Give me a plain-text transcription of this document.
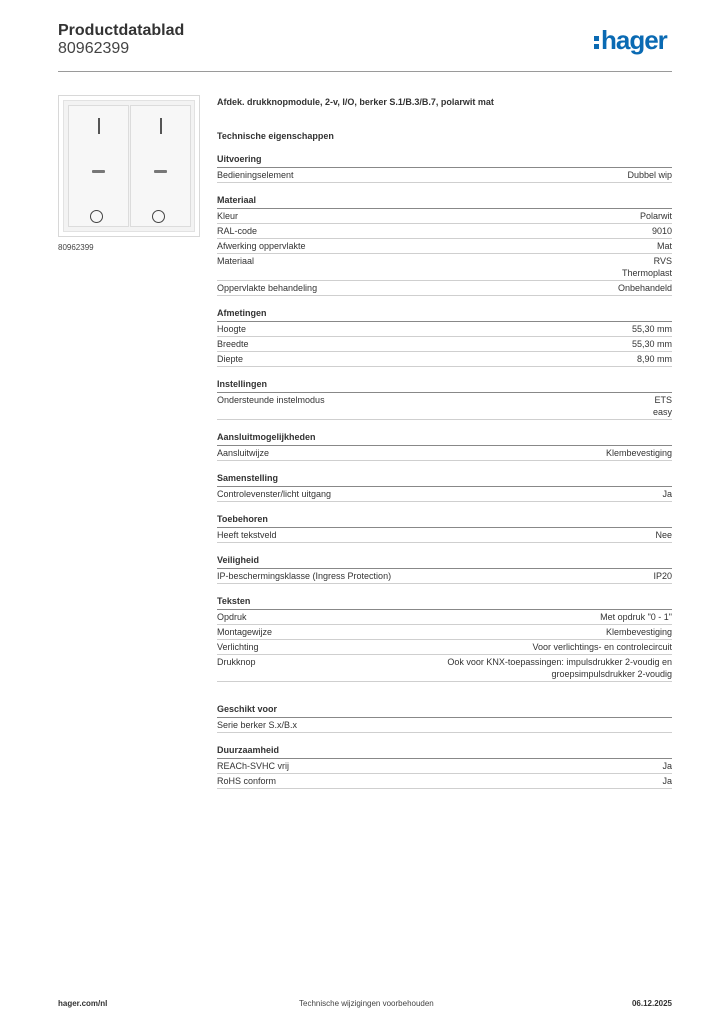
Productdatablad
80962399	hager
80962399
Afdek. drukknopmodule, 2-v, I/O, berker S.1/B.3/B.7, polarwit mat
Technische eigenschappen
Uitvoering
Bedieningselement	Dubbel wip
Materiaal
Kleur	Polarwit
RAL-code	9010
Afwerking oppervlakte	Mat
Materiaal	RVS
Thermoplast
Oppervlakte behandeling	Onbehandeld
Afmetingen
Hoogte	55,30 mm
Breedte	55,30 mm
Diepte	8,90 mm
Instellingen
Ondersteunde instelmodus	ETS
easy
Aansluitmogelijkheden
Aansluitwijze	Klembevestiging
Samenstelling
Controlevenster/licht uitgang	Ja
Toebehoren
Heeft tekstveld	Nee
Veiligheid
IP-beschermingsklasse (Ingress Protection)	IP20
Teksten
Opdruk	Met opdruk "0 - 1"
Montagewijze	Klembevestiging
Verlichting	Voor verlichtings- en controlecircuit
Drukknop	Ook voor KNX-toepassingen: impulsdrukker 2-voudig en
groepsimpulsdrukker 2-voudig
Geschikt voor
Serie berker S.x/B.x
Duurzaamheid
REACh-SVHC vrij	Ja
RoHS conform	Ja
hager.com/nl	Technische wijzigingen voorbehouden	06.12.2025
